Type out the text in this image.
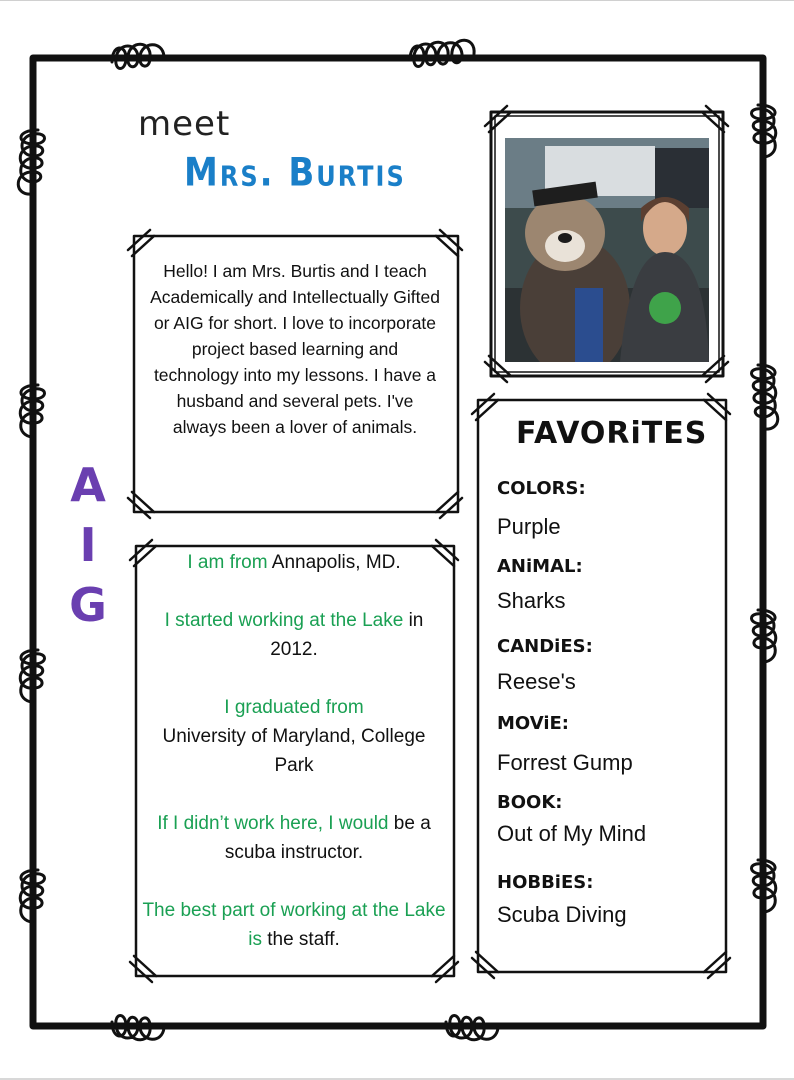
meet
Mrs. Burtis
A
I
G
Hello! I am Mrs. Burtis and I teach Academically and Intellectually Gifted or AIG for short. I love to incorporate project based learning and technology into my lessons. I have a husband and several pets. I've always been a lover of animals.

I am from Annapolis, MD.

I started working at the Lake in 2012.

I graduated from
University of Maryland, College Park

If I didn’t work here, I would be a scuba instructor.

The best part of working at the Lake is the staff.

FAVORiTES
COLORS:
Purple
ANiMAL:
Sharks
CANDiES:
Reese's
MOViE:
Forrest Gump
BOOK:
Out of My Mind
HOBBiES:
Scuba Diving
